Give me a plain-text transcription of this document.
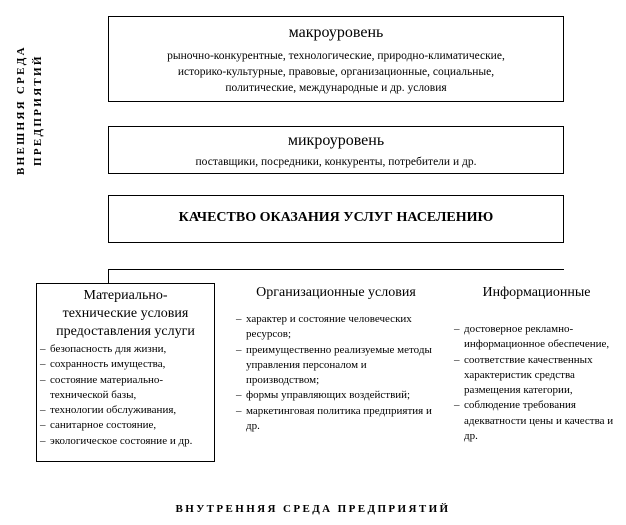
ВНЕШНЯЯ СРЕДА ПРЕДПРИЯТИЙ
макроуровень
рыночно-конкурентные, технологические, природно-климатические,
историко-культурные, правовые, организационные, социальные,
политические, международные и др. условия
микроуровень
поставщики, посредники, конкуренты, потребители и др.
КАЧЕСТВО ОКАЗАНИЯ УСЛУГ НАСЕЛЕНИЮ
Материально-
технические условия
предоставления услуги
– безопасность для жизни,
– сохранность имущества,
– состояние материально-технической базы,
– технологии обслуживания,
– санитарное состояние,
– экологическое состояние и др.
Организационные условия
– характер и состояние человеческих ресурсов;
– преимущественно реализуемые методы управления персоналом и производством;
– формы управляющих воздействий;
– маркетинговая политика предприятия и др.
Информационные
– достоверное рекламно-информационное обеспечение,
– соответствие качественных характеристик средства размещения категории,
– соблюдение требования адекватности цены и качества и др.
ВНУТРЕННЯЯ СРЕДА ПРЕДПРИЯТИЙ
